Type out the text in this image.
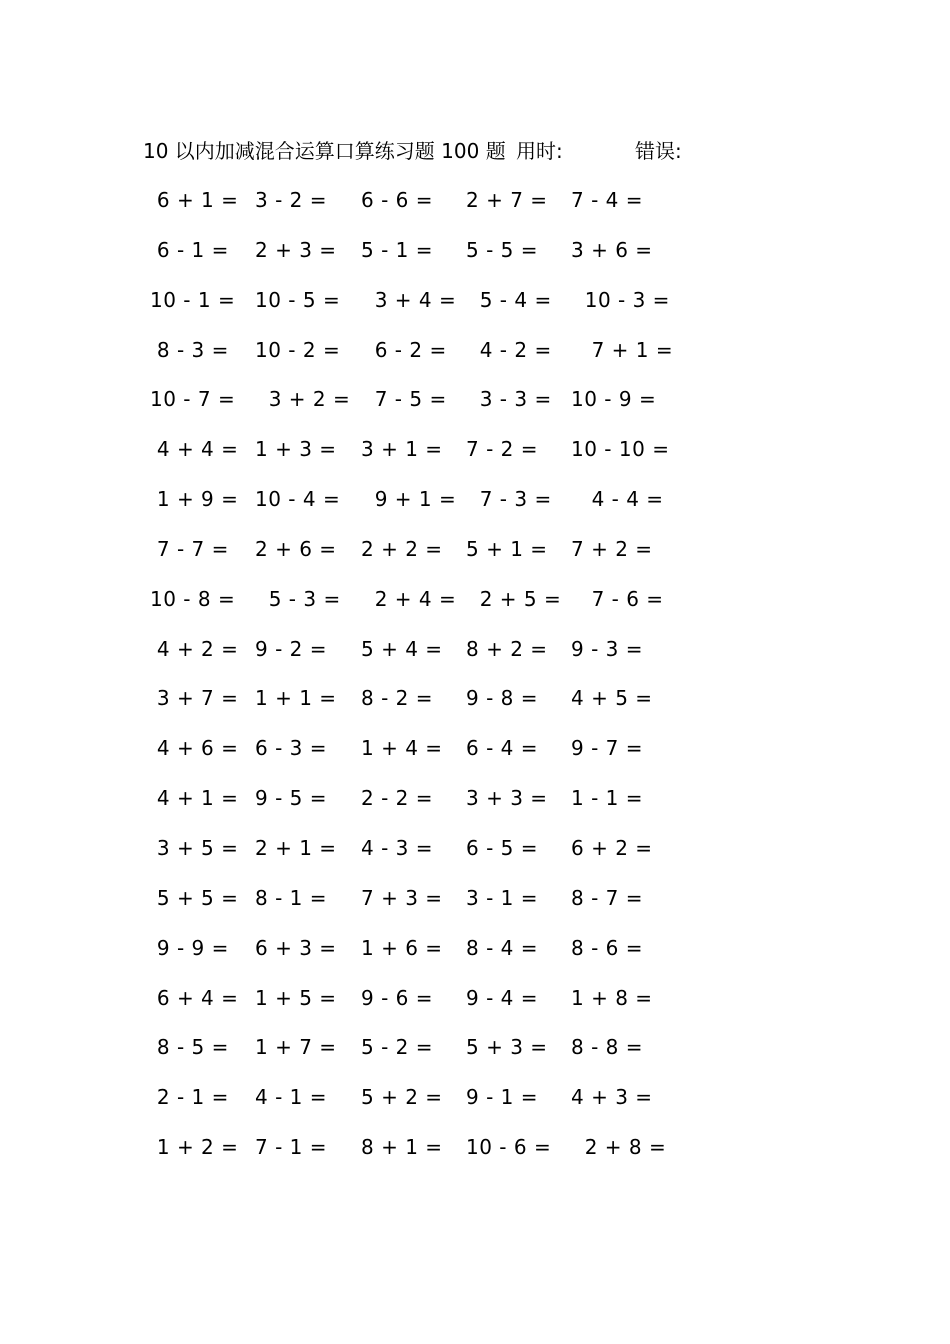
10 以内加减混合运算口算练习题 100 题 用时:	错误:
6 + 1 = 3 - 2 = 6 - 6 = 2 + 7 = 7 - 4 =
6 - 1 = 2 + 3 = 5 - 1 = 5 - 5 = 3 + 6 =
10 - 1 = 10 - 5 = 3 + 4 = 5 - 4 = 10 - 3 =
8 - 3 = 10 - 2 = 6 - 2 = 4 - 2 = 7 + 1 =
10 - 7 = 3 + 2 = 7 - 5 = 3 - 3 = 10 - 9 =
4 + 4 = 1 + 3 = 3 + 1 = 7 - 2 = 10 - 10 =
1 + 9 = 10 - 4 = 9 + 1 = 7 - 3 = 4 - 4 =
7 - 7 = 2 + 6 = 2 + 2 = 5 + 1 = 7 + 2 =
10 - 8 = 5 - 3 = 2 + 4 = 2 + 5 = 7 - 6 =
4 + 2 = 9 - 2 = 5 + 4 = 8 + 2 = 9 - 3 =
3 + 7 = 1 + 1 = 8 - 2 = 9 - 8 = 4 + 5 =
4 + 6 = 6 - 3 = 1 + 4 = 6 - 4 = 9 - 7 =
4 + 1 = 9 - 5 = 2 - 2 = 3 + 3 = 1 - 1 =
3 + 5 = 2 + 1 = 4 - 3 = 6 - 5 = 6 + 2 =
5 + 5 = 8 - 1 = 7 + 3 = 3 - 1 = 8 - 7 =
9 - 9 = 6 + 3 = 1 + 6 = 8 - 4 = 8 - 6 =
6 + 4 = 1 + 5 = 9 - 6 = 9 - 4 = 1 + 8 =
8 - 5 = 1 + 7 = 5 - 2 = 5 + 3 = 8 - 8 =
2 - 1 = 4 - 1 = 5 + 2 = 9 - 1 = 4 + 3 =
1 + 2 = 7 - 1 = 8 + 1 = 10 - 6 = 2 + 8 =
